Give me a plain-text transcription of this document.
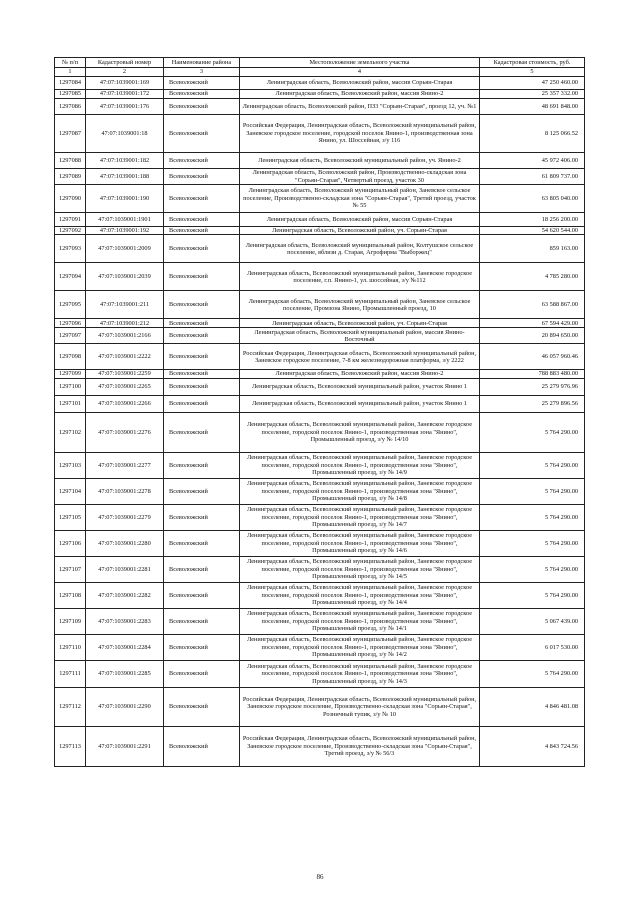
№ п/п	Кадастровый номер	Наименование района	Местоположение земельного участка	Кадастровая стоимость, руб.
1	2	3	4	5
1297084	47:07:1039001:169	Всеволожский	Ленинградская область, Всеволожский район, массив Сорьян-Старая	47 250 460.00
1297085	47:07:1039001:172	Всеволожский	Ленинградская область, Всеволожский район, массив Янино-2	25 357 332.00
1297086	47:07:1039001:176	Всеволожский	Ленинградская область, Всеволожский район, ПЗ3 "Сорьян-Старая", проезд 12, уч. №1	48 691 848.00
1297087	47:07:1039001:18	Всеволожский	Российская Федерация, Ленинградская область, Всеволожский муниципальный район, Заневское городское поселение, городской поселок Янино-1, производственная зона Янино, ул. Шоссейная, з/у 116	8 125 066.52
1297088	47:07:1039001:182	Всеволожский	Ленинградская область, Всеволожский муниципальный район, уч. Янино-2	45 972 406.00
1297089	47:07:1039001:188	Всеволожский	Ленинградская область, Всеволожский район, Производственно-складская зона "Сорьян-Старая", Четвертый проезд, участок 30	61 809 737.00
1297090	47:07:1039001:190	Всеволожский	Ленинградская область, Всеволожский муниципальный район, Заневское сельское поселение, Производственно-складская зона "Сорьян-Старая", Третий проезд, участок № 55	63 805 040.00
1297091	47:07:1039001:1901	Всеволожский	Ленинградская область, Всеволожский район, массив Сорьян-Старая	18 256 200.00
1297092	47:07:1039001:192	Всеволожский	Ленинградская область, Всеволожский район, уч. Сорьян-Старая	54 620 544.00
1297093	47:07:1039001:2009	Всеволожский	Ленинградская область, Всеволожский муниципальный район, Колтушское сельское поселение, вблизи д. Старая, Агрофирма "Выборжец"	859 163.00
1297094	47:07:1039001:2039	Всеволожский	Ленинградская область, Всеволожский муниципальный район, Заневское городское поселение, г.п. Янино-1, ул. шоссейная, з/у №112	4 785 280.00
1297095	47:07:1039001:211	Всеволожский	Ленинградская область, Всеволожский муниципальный район, Заневское сельское поселение, Промзона Янино, Промышленный проезд, 10	63 588 867.00
1297096	47:07:1039001:212	Всеволожский	Ленинградская область, Всеволожский район, уч. Сорьян-Старая	67 594 429.00
1297097	47:07:1039001:2166	Всеволожский	Ленинградская область, Всеволожский муниципальный район, массив Янино-Восточный	20 894 650.00
1297098	47:07:1039001:2222	Всеволожский	Российская Федерация, Ленинградская область, Всеволожский муниципальный район, Заневское городское поселение, 7-8 км железнодорожная платформа, з/у 2222	46 057 960.46
1297099	47:07:1039001:2259	Всеволожский	Ленинградская область, Всеволожский район, массив Янино-2	788 883 480.00
1297100	47:07:1039001:2265	Всеволожский	Ленинградская область, Всеволожский муниципальный район, участок Янино 1	25 279 976.96
1297101	47:07:1039001:2266	Всеволожский	Ленинградская область, Всеволожский муниципальный район, участок Янино 1	25 279 896.56
1297102	47:07:1039001:2276	Всеволожский	Ленинградская область, Всеволожский муниципальный район, Заневское городское поселение, городской поселок Янино-1, производственная зона "Янино", Промышленный проезд, з/у № 14/10	5 764 290.00
1297103	47:07:1039001:2277	Всеволожский	Ленинградская область, Всеволожский муниципальный район, Заневское городское поселение, городской поселок Янино-1, производственная зона "Янино", Промышленный проезд, з/у № 14/9	5 764 290.00
1297104	47:07:1039001:2278	Всеволожский	Ленинградская область, Всеволожский муниципальный район, Заневское городское поселение, городской поселок Янино-1, производственная зона "Янино", Промышленный проезд, з/у № 14/8	5 764 290.00
1297105	47:07:1039001:2279	Всеволожский	Ленинградская область, Всеволожский муниципальный район, Заневское городское поселение, городской поселок Янино-1, производственная зона "Янино", Промышленный проезд, з/у № 14/7	5 764 290.00
1297106	47:07:1039001:2280	Всеволожский	Ленинградская область, Всеволожский муниципальный район, Заневское городское поселение, городской поселок Янино-1, производственная зона "Янино", Промышленный проезд, з/у № 14/6	5 764 290.00
1297107	47:07:1039001:2281	Всеволожский	Ленинградская область, Всеволожский муниципальный район, Заневское городское поселение, городской поселок Янино-1, производственная зона "Янино", Промышленный проезд, з/у № 14/5	5 764 290.00
1297108	47:07:1039001:2282	Всеволожский	Ленинградская область, Всеволожский муниципальный район, Заневское городское поселение, городской поселок Янино-1, производственная зона "Янино", Промышленный проезд, з/у № 14/4	5 764 290.00
1297109	47:07:1039001:2283	Всеволожский	Ленинградская область, Всеволожский муниципальный район, Заневское городское поселение, городской поселок Янино-1, производственная зона "Янино", Промышленный проезд, з/у № 14/1	5 067 439.00
1297110	47:07:1039001:2284	Всеволожский	Ленинградская область, Всеволожский муниципальный район, Заневское городское поселение, городской поселок Янино-1, производственная зона "Янино", Промышленный проезд, з/у № 14/2	6 017 530.00
1297111	47:07:1039001:2285	Всеволожский	Ленинградская область, Всеволожский муниципальный район, Заневское городское поселение, городской поселок Янино-1, производственная зона "Янино", Промышленный проезд, з/у № 14/3	5 764 290.00
1297112	47:07:1039001:2290	Всеволожский	Российская Федерация, Ленинградская область, Всеволожский муниципальный район, Заневское городское поселение, Производственно-складская зона "Сорьян-Старая", Розничный тупик, з/у № 10	4 846 481.08
1297113	47:07:1039001:2291	Всеволожский	Российская Федерация, Ленинградская область, Всеволожский муниципальный район, Заневское городское поселение, Производственно-складская зона "Сорьян-Старая", Третий проезд, з/у № 56/3	4 843 724.56
86
